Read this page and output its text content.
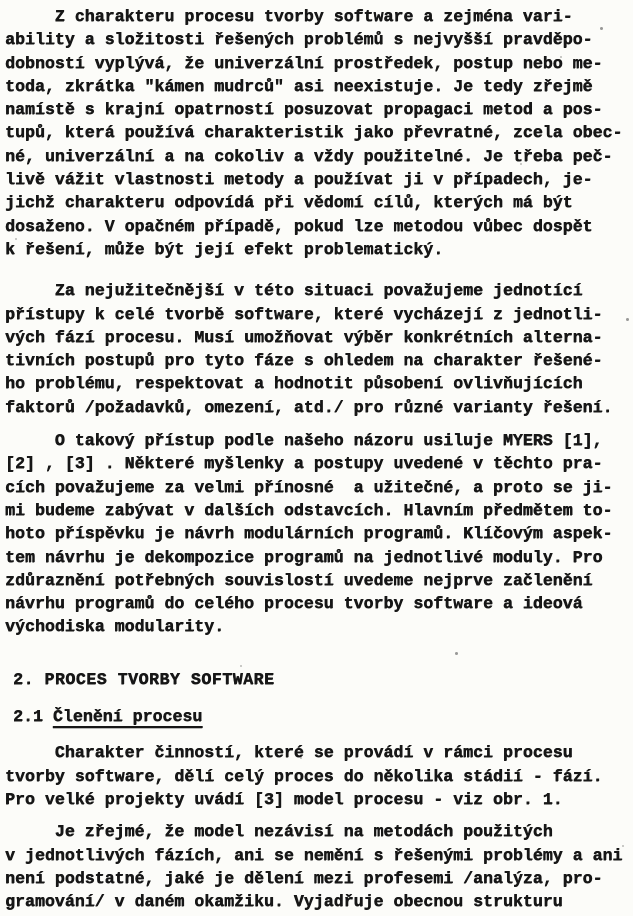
Z charakteru procesu tvorby software a zejména vari-
ability a složitosti řešených problémů s nejvyšší pravděpo-
dobností vyplývá, že univerzální prostředek, postup nebo me-
toda, zkrátka "kámen mudrců" asi neexistuje. Je tedy zřejmě
namístě s krajní opatrností posuzovat propagaci metod a pos-
tupů, která používá charakteristik jako převratné, zcela obec-
né, univerzální a na cokoliv a vždy použitelné. Je třeba peč-
livě vážit vlastnosti metody a používat ji v případech, je-
jichž charakteru odpovídá při vědomí cílů, kterých má být
dosaženo. V opačném případě, pokud lze metodou vůbec dospět
k řešení, může být její efekt problematický.
Za nejužitečnější v této situaci považujeme jednotící
přístupy k celé tvorbě software, které vycházejí z jednotli-
vých fází procesu. Musí umožňovat výběr konkrétních alterna-
tivních postupů pro tyto fáze s ohledem na charakter řešené-
ho problému, respektovat a hodnotit působení ovlivňujících
faktorů /požadavků, omezení, atd./ pro různé varianty řešení.
O takový přístup podle našeho názoru usiluje MYERS [1],
[2] , [3] . Některé myšlenky a postupy uvedené v těchto pra-
cích považujeme za velmi přínosné  a užitečné, a proto se ji-
mi budeme zabývat v dalších odstavcích. Hlavním předmětem to-
hoto příspěvku je návrh modulárních programů. Klíčovým aspek-
tem návrhu je dekompozice programů na jednotlivé moduly. Pro
zdůraznění potřebných souvislostí uvedeme nejprve začlenění
návrhu programů do celého procesu tvorby software a ideová
východiska modularity.
2. PROCES TVORBY SOFTWARE
2.1 Členění procesu
Charakter činností, které se provádí v rámci procesu
tvorby software, dělí celý proces do několika stádií - fází.
Pro velké projekty uvádí [3] model procesu - viz obr. 1.
Je zřejmé, že model nezávisí na metodách použitých
v jednotlivých fázích, ani se nemění s řešenými problémy a ani
není podstatné, jaké je dělení mezi profesemi /analýza, pro-
gramování/ v daném okamžiku. Vyjadřuje obecnou strukturu
